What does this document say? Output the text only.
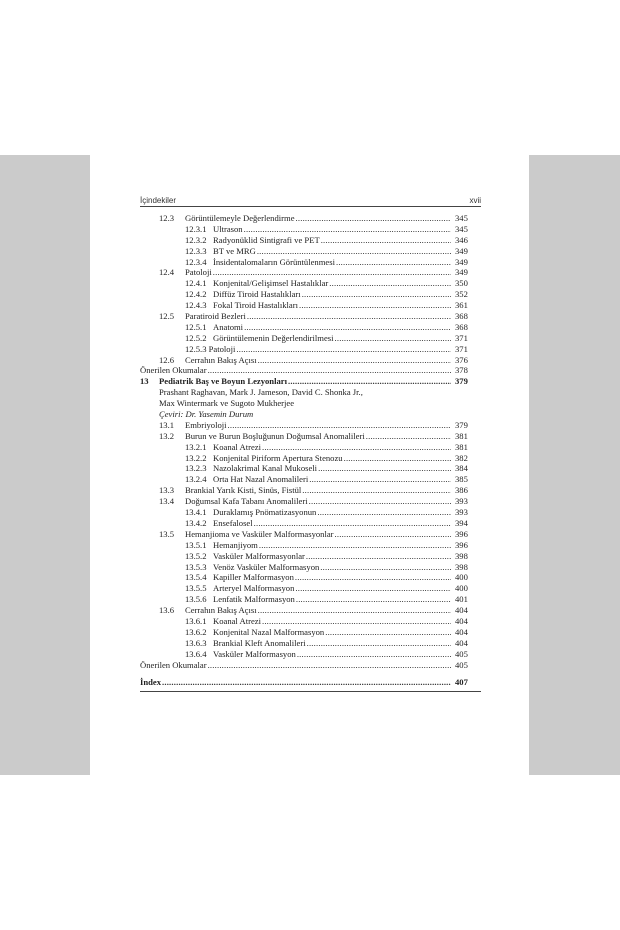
İçindekiler	xvii
12.3	Görüntülemeyle Değerlendirme .....	345
12.3.1 Ultrason .....	345
12.3.2 Radyonüklid Sintigrafi ve PET .....	346
12.3.3 BT ve MRG .....	349
12.3.4 İnsidentalomaların Görüntülenmesi .....	349
12.4	Patoloji .....	349
12.4.1 Konjenital/Gelişimsel Hastalıklar .....	350
12.4.2 Diffüz Tiroid Hastalıkları .....	352
12.4.3 Fokal Tiroid Hastalıkları .....	361
12.5	Paratiroid Bezleri .....	368
12.5.1 Anatomi .....	368
12.5.2 Görüntülemenin Değerlendirilmesi .....	371
12.5.3 Patoloji .....	371
12.6	Cerrahın Bakış Açısı .....	376
Önerilen Okumalar .....	378
13	Pediatrik Baş ve Boyun Lezyonları .....	379
Prashant Raghavan, Mark J. Jameson, David C. Shonka Jr.,
Max Wintermark ve Sugoto Mukherjee
Çeviri: Dr. Yasemin Durum
13.1	Embriyoloji .....	379
13.2	Burun ve Burun Boşluğunun Doğumsal Anomalileri .....	381
13.2.1 Koanal Atrezi .....	381
13.2.2 Konjenital Piriform Apertura Stenozu .....	382
13.2.3 Nazolakrimal Kanal Mukoseli .....	384
13.2.4 Orta Hat Nazal Anomalileri .....	385
13.3	Brankial Yarık Kisti, Sinüs, Fistül .....	386
13.4	Doğumsal Kafa Tabanı Anomalileri .....	393
13.4.1 Duraklamış Pnömatizasyonun .....	393
13.4.2 Ensefalosel .....	394
13.5	Hemanjioma ve Vasküler Malformasyonlar .....	396
13.5.1 Hemanjiyom .....	396
13.5.2 Vasküler Malformasyonlar .....	398
13.5.3 Venöz Vasküler Malformasyon .....	398
13.5.4 Kapiller Malformasyon .....	400
13.5.5 Arteryel Malformasyon .....	400
13.5.6 Lenfatik Malformasyon .....	401
13.6	Cerrahın Bakış Açısı .....	404
13.6.1 Koanal Atrezi .....	404
13.6.2 Konjenital Nazal Malformasyon .....	404
13.6.3 Brankial Kleft Anomalileri .....	404
13.6.4 Vasküler Malformasyon .....	405
Önerilen Okumalar .....	405
İndex .....	407
